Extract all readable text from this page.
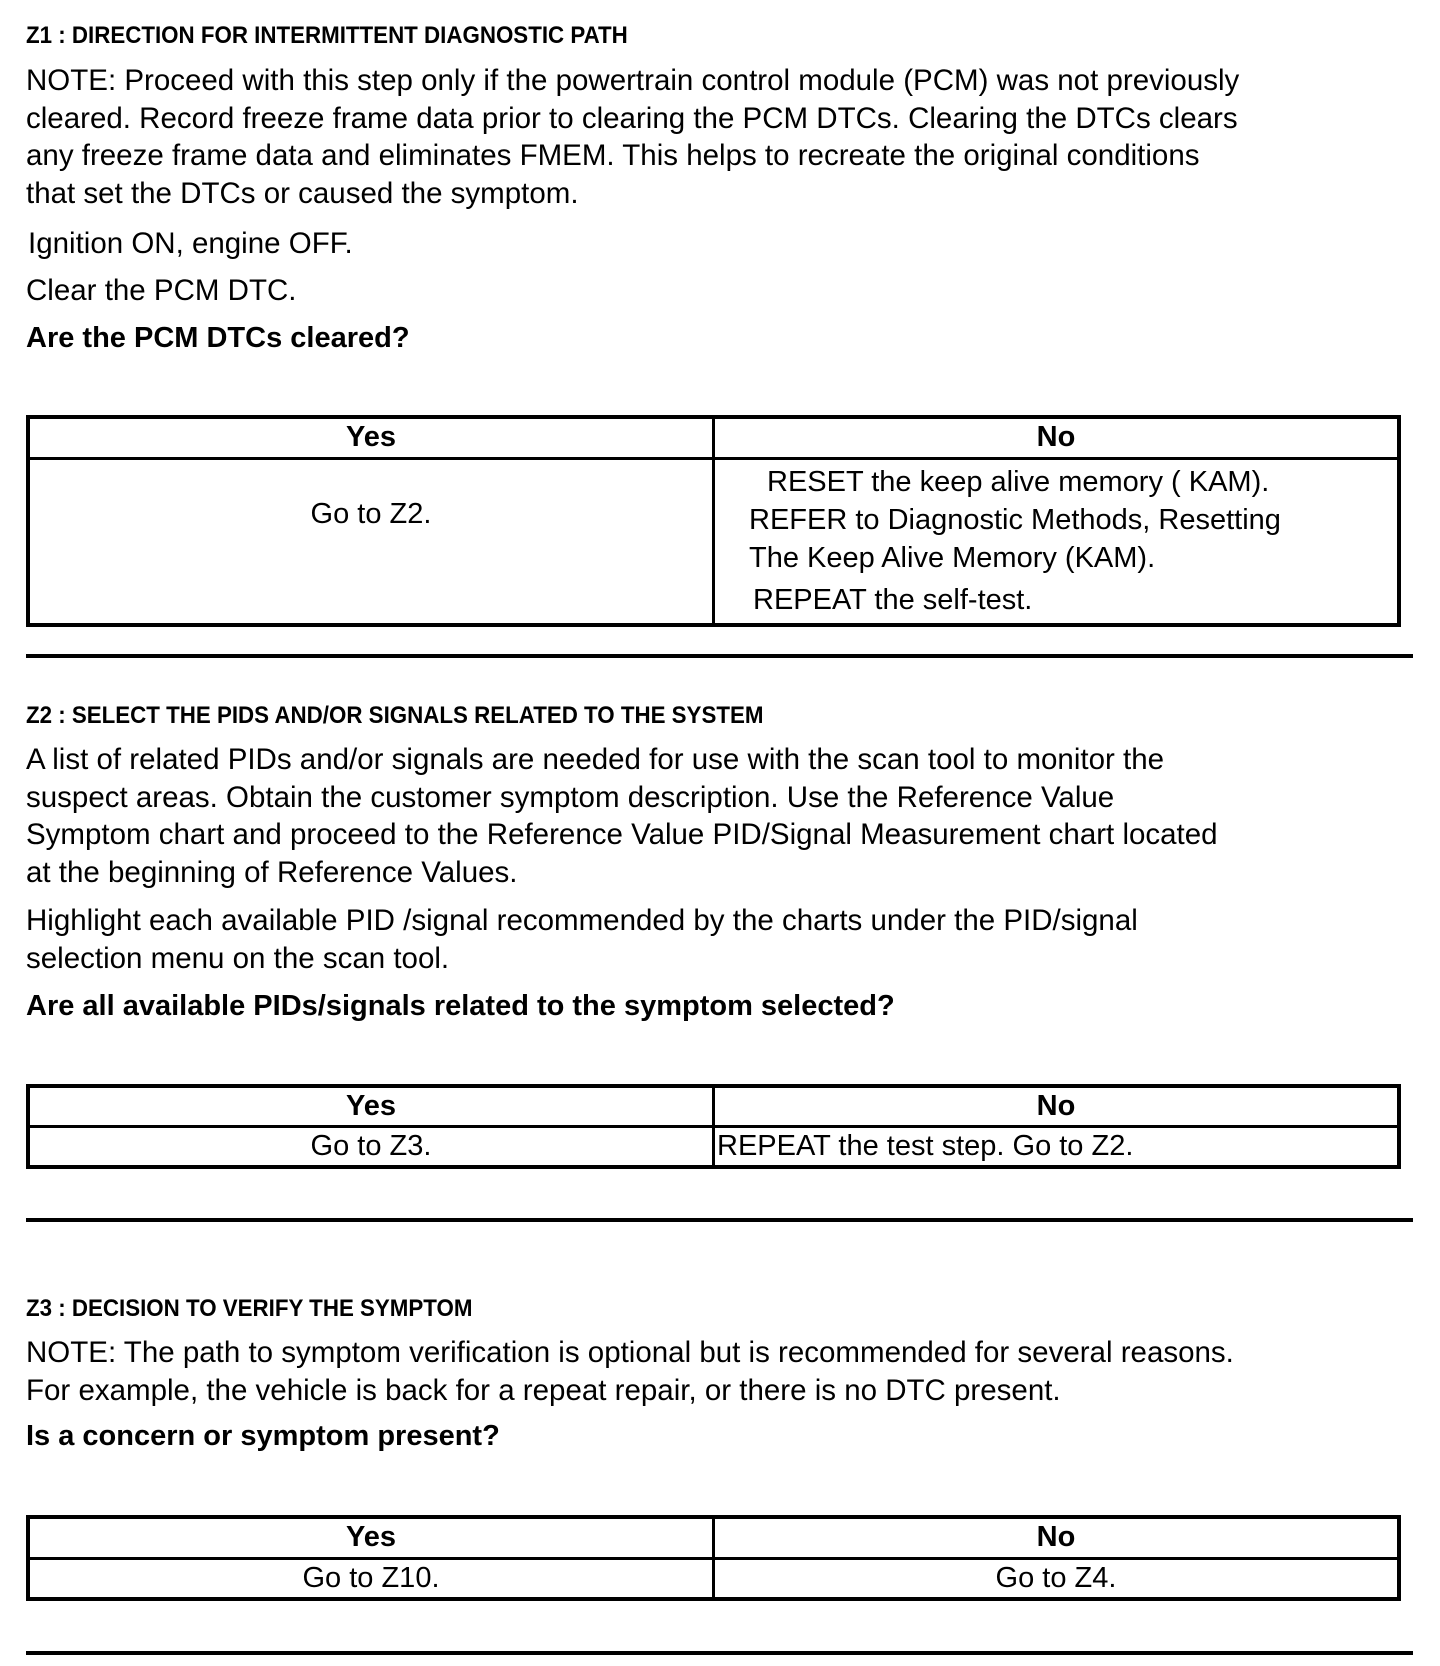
Z1 : DIRECTION FOR INTERMITTENT DIAGNOSTIC PATH
NOTE: Proceed with this step only if the powertrain control module (PCM) was not previously
cleared. Record freeze frame data prior to clearing the PCM DTCs. Clearing the DTCs clears
any freeze frame data and eliminates FMEM. This helps to recreate the original conditions
that set the DTCs or caused the symptom.
Ignition ON, engine OFF.
Clear the PCM DTC.
Are the PCM DTCs cleared?
Yes	No
Go to Z2.	RESET the keep alive memory ( KAM).
REFER to Diagnostic Methods, Resetting
The Keep Alive Memory (KAM).
REPEAT the self-test.
Z2 : SELECT THE PIDS AND/OR SIGNALS RELATED TO THE SYSTEM
A list of related PIDs and/or signals are needed for use with the scan tool to monitor the
suspect areas. Obtain the customer symptom description. Use the Reference Value
Symptom chart and proceed to the Reference Value PID/Signal Measurement chart located
at the beginning of Reference Values.
Highlight each available PID /signal recommended by the charts under the PID/signal
selection menu on the scan tool.
Are all available PIDs/signals related to the symptom selected?
Yes	No
Go to Z3.	REPEAT the test step. Go to Z2.
Z3 : DECISION TO VERIFY THE SYMPTOM
NOTE: The path to symptom verification is optional but is recommended for several reasons.
For example, the vehicle is back for a repeat repair, or there is no DTC present.
Is a concern or symptom present?
Yes	No
Go to Z10.	Go to Z4.
